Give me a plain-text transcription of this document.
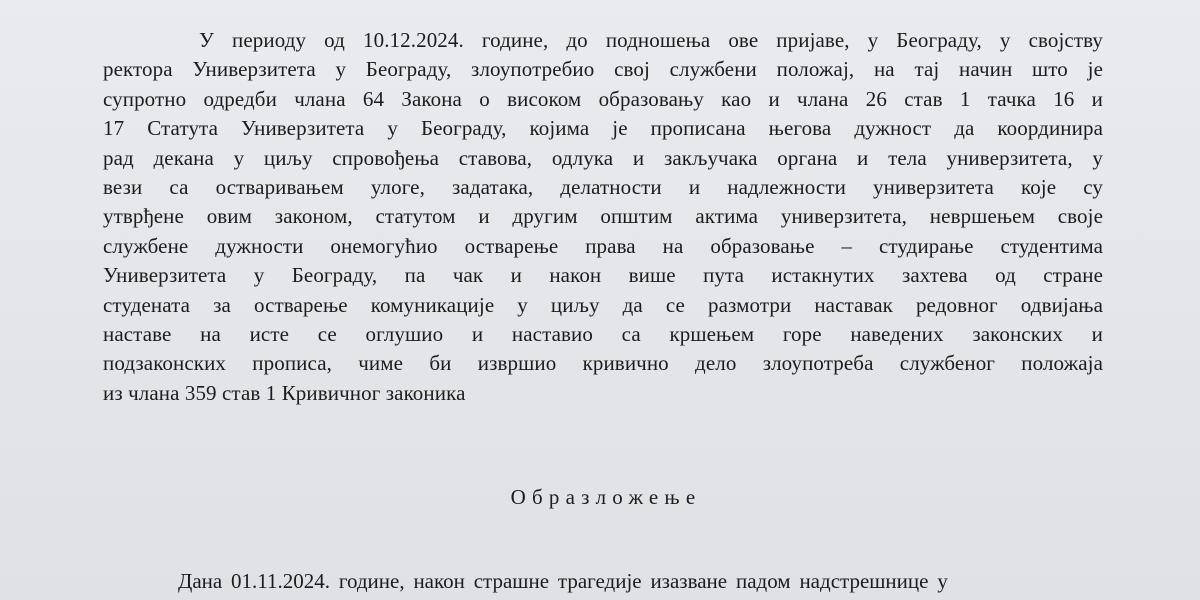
У периоду од 10.12.2024. године, до подношења ове пријаве, у Београду, у својству
ректора Универзитета у Београду, злоупотребио свој службени положај, на тај начин што је
супротно одредби члана 64 Закона о високом образовању као и члана 26 став 1 тачка 16 и
17 Статута Универзитета у Београду, којима је прописана његова дужност да координира
рад декана у циљу спровођења ставова, одлука и закључака органа и тела универзитета, у
вези са остваривањем улоге, задатака, делатности и надлежности универзитета које су
утврђене овим законом, статутом и другим општим актима универзитета, невршењем своје
службене дужности онемогућио остварење права на образовање – студирање студентима
Универзитета у Београду, па чак и након више пута истакнутих захтева од стране
студената за остварење комуникације у циљу да се размотри наставак редовног одвијања
наставе на исте се оглушио и наставио са кршењем горе наведених законских и
подзаконских прописа, чиме би извршио кривично дело злоупотреба службеног положаја
из члана 359 став 1 Кривичног законика
Образложење
Дана 01.11.2024. године, након страшне трагедије изазване падом надстрешнице у
